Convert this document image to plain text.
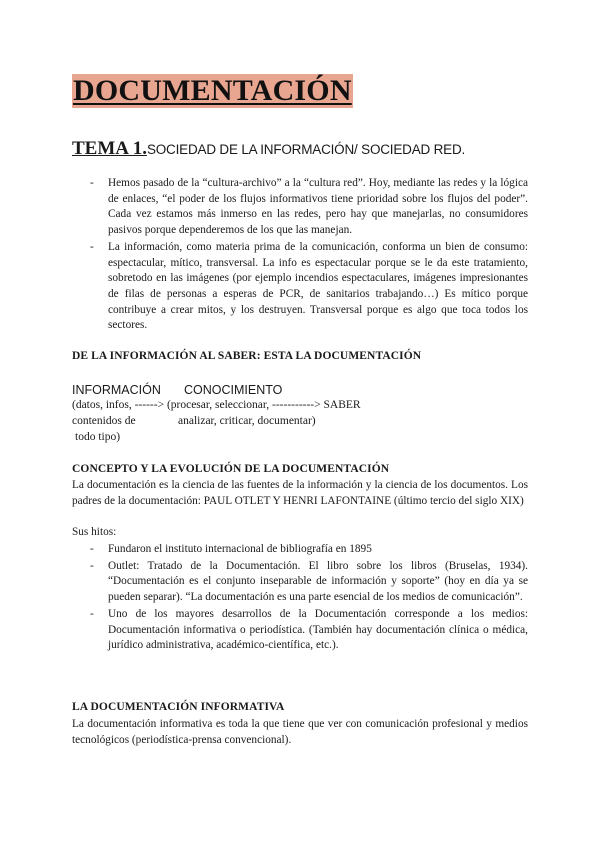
DOCUMENTACIÓN
TEMA 1.SOCIEDAD DE LA INFORMACIÓN/ SOCIEDAD RED.
- Hemos pasado de la “cultura-archivo” a la “cultura red”. Hoy, mediante las redes y la lógica de enlaces, “el poder de los flujos informativos tiene prioridad sobre los flujos del poder”. Cada vez estamos más inmerso en las redes, pero hay que manejarlas, no consumidores pasivos porque dependeremos de los que las manejan.
- La información, como materia prima de la comunicación, conforma un bien de consumo: espectacular, mítico, transversal. La info es espectacular porque se le da este tratamiento, sobretodo en las imágenes (por ejemplo incendios espectaculares, imágenes impresionantes de filas de personas a esperas de PCR, de sanitarios trabajando…) Es mítico porque contribuye a crear mitos, y los destruyen. Transversal porque es algo que toca todos los sectores.
DE LA INFORMACIÓN AL SABER: ESTA LA DOCUMENTACIÓN
INFORMACIÓN CONOCIMIENTO
(datos, infos, ------> (procesar, seleccionar, -----------> SABER
contenidos de	analizar, criticar, documentar)
todo tipo)
CONCEPTO Y LA EVOLUCIÓN DE LA DOCUMENTACIÓN
La documentación es la ciencia de las fuentes de la información y la ciencia de los documentos. Los padres de la documentación: PAUL OTLET Y HENRI LAFONTAINE (último tercio del siglo XIX)
Sus hitos:
- Fundaron el instituto internacional de bibliografía en 1895
- Outlet: Tratado de la Documentación. El libro sobre los libros (Bruselas, 1934). “Documentación es el conjunto inseparable de información y soporte” (hoy en día ya se pueden separar). “La documentación es una parte esencial de los medios de comunicación”.
- Uno de los mayores desarrollos de la Documentación corresponde a los medios: Documentación informativa o periodística. (También hay documentación clínica o médica, jurídico administrativa, académico-científica, etc.).
LA DOCUMENTACIÓN INFORMATIVA
La documentación informativa es toda la que tiene que ver con comunicación profesional y medios tecnológicos (periodística-prensa convencional).
